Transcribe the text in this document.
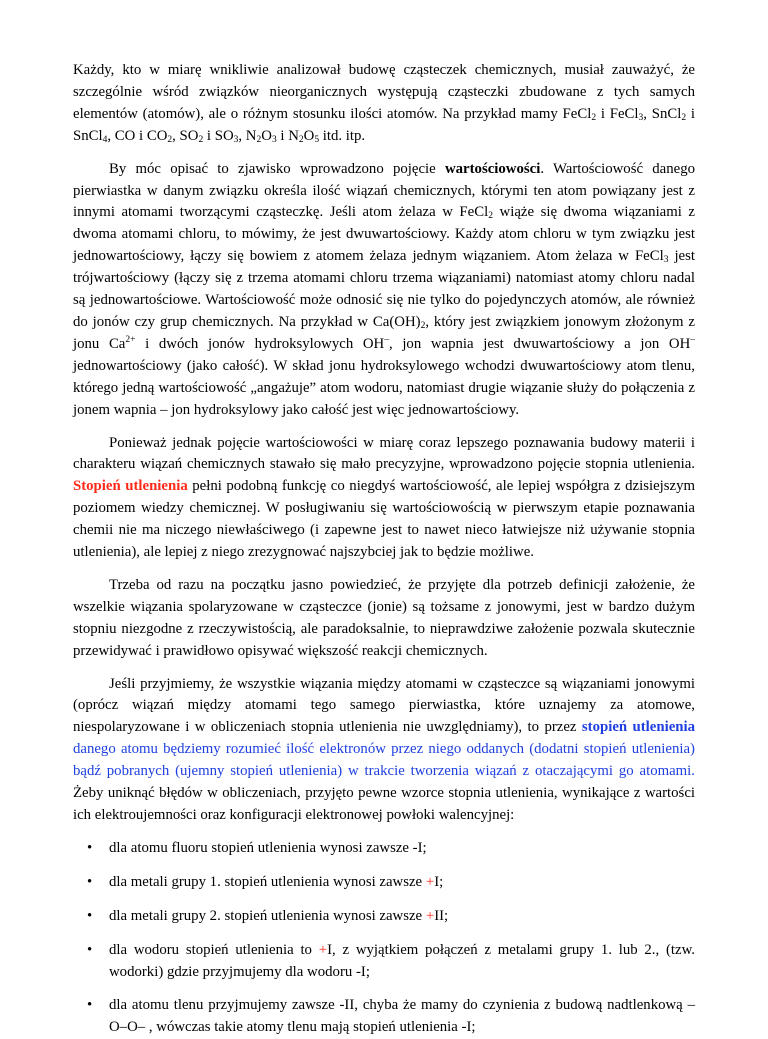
Każdy, kto w miarę wnikliwie analizował budowę cząsteczek chemicznych, musiał zauważyć, że szczególnie wśród związków nieorganicznych występują cząsteczki zbudowane z tych samych elementów (atomów), ale o różnym stosunku ilości atomów. Na przykład mamy FeCl$_2$ i FeCl$_3$, SnCl$_2$ i SnCl$_4$, CO i $CO_2$, $SO_2$ i $SO_3$, $N_2O_3$ i $N_2O_5$ itd. itp.

By móc opisać to zjawisko wprowadzono pojęcie wartościowości. Wartościowość danego pierwiastka w danym związku określa ilość wiązań chemicznych, którymi ten atom powiązany jest z innymi atomami tworzącymi cząsteczkę. Jeśli atom żelaza w FeCl$_2$ wiąże się dwoma wiązaniami z dwoma atomami chloru, to mówimy, że jest dwuwartościowy. Każdy atom chloru w tym związku jest jednowartościowy, łączy się bowiem z atomem żelaza jednym wiązaniem. Atom żelaza w FeCl$_3$ jest trójwartościowy (łączy się z trzema atomami chloru trzema wiązaniami) natomiast atomy chloru nadal są jednowartościowe. Wartościowość może odnosić się nie tylko do pojedynczych atomów, ale również do jonów czy grup chemicznych. Na przykład w $Ca(OH)_2$, który jest związkiem jonowym złożonym z jonu $Ca^{2+}$ i dwóch jonów hydroksylowych OH–, jon wapnia jest dwuwartościowy a jon OH– jednowartościowy (jako całość). W skład jonu hydroksylowego wchodzi dwuwartościowy atom tlenu, którego jedną wartościowość „angażuje” atom wodoru, natomiast drugie wiązanie służy do połączenia z jonem wapnia – jon hydroksylowy jako całość jest więc jednowartościowy.

Ponieważ jednak pojęcie wartościowości w miarę coraz lepszego poznawania budowy materii i charakteru wiązań chemicznych stawało się mało precyzyjne, wprowadzono pojęcie stopnia utlenienia. Stopień utlenienia pełni podobną funkcję co niegdyś wartościowość, ale lepiej współgra z dzisiejszym poziomem wiedzy chemicznej. W posługiwaniu się wartościowością w pierwszym etapie poznawania chemii nie ma niczego niewłaściwego (i zapewne jest to nawet nieco łatwiejsze niż używanie stopnia utlenienia), ale lepiej z niego zrezygnować najszybciej jak to będzie możliwe.

Trzeba od razu na początku jasno powiedzieć, że przyjęte dla potrzeb definicji założenie, że wszelkie wiązania spolaryzowane w cząsteczce (jonie) są tożsame z jonowymi, jest w bardzo dużym stopniu niezgodne z rzeczywistością, ale paradoksalnie, to nieprawdziwe założenie pozwala skutecznie przewidywać i prawidłowo opisywać większość reakcji chemicznych.

Jeśli przyjmiemy, że wszystkie wiązania między atomami w cząsteczce są wiązaniami jonowymi (oprócz wiązań między atomami tego samego pierwiastka, które uznajemy za atomowe, niespolaryzowane i w obliczeniach stopnia utlenienia nie uwzględniamy), to przez stopień utlenienia danego atomu będziemy rozumieć ilość elektronów przez niego oddanych (dodatni stopień utlenienia) bądź pobranych (ujemny stopień utlenienia) w trakcie tworzenia wiązań z otaczającymi go atomami. Żeby uniknąć błędów w obliczeniach, przyjęto pewne wzorce stopnia utlenienia, wynikające z wartości ich elektroujemności oraz konfiguracji elektronowej powłoki walencyjnej:

• dla atomu fluoru stopień utlenienia wynosi zawsze -I;
• dla metali grupy 1. stopień utlenienia wynosi zawsze +I;
• dla metali grupy 2. stopień utlenienia wynosi zawsze +II;
• dla wodoru stopień utlenienia to +I, z wyjątkiem połączeń z metalami grupy 1. lub 2., (tzw. wodorki) gdzie przyjmujemy dla wodoru -I;
• dla atomu tlenu przyjmujemy zawsze -II, chyba że mamy do czynienia z budową nadtlenkową –O–O– , wówczas takie atomy tlenu mają stopień utlenienia -I;
